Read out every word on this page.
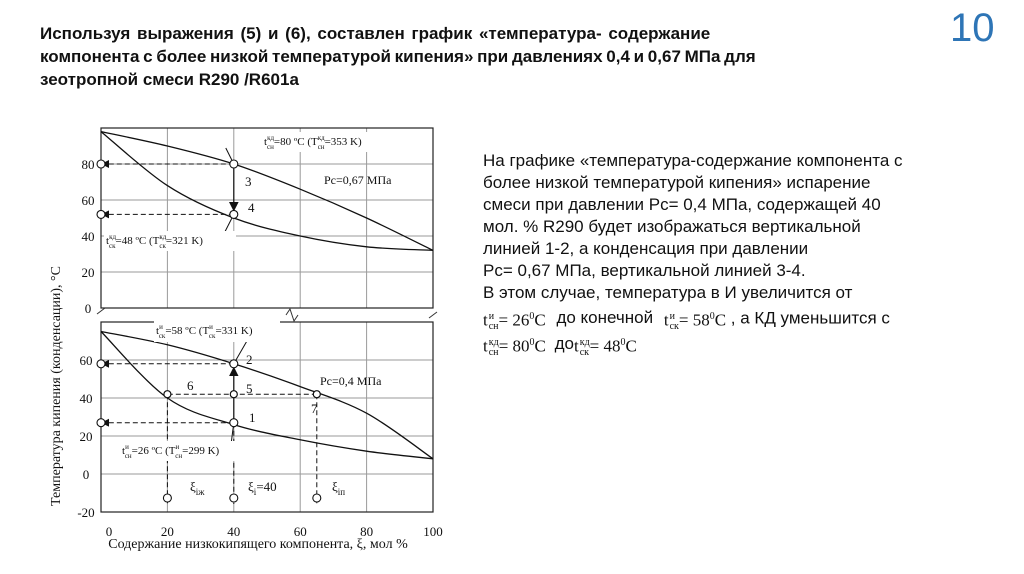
Используя выражения (5) и (6), составлен график «температура- содержание
компонента с более низкой температурой кипения» при давлениях 0,4 и 0,67 МПа для
зеотропной смеси R290 /R601a
10
На графике «температура-содержание компонента с
более низкой температурой кипения» испарение
смеси при давлении Рс= 0,4 МПа, содержащей 40
мол. % R290 будет изображаться вертикальной
линией 1-2, а конденсация при давлении
Рс= 0,67 МПа, вертикальной линией 3-4.
В этом случае, температура в И увеличится от
t и
сн = $26^0C$ до конечной t и
ск = $58^0C$ , а КД уменьшится с
t кд
сн = $80^0C$ доt кд
ск = $48^0C$
0	20	40	60	80	100
80
60
40
20
0
60
40
20
0
-20
Температура кипения (конденсации), °С
Содержание низкокипящего компонента, ξ, мол %
Рс=0,67 МПа
Рс=0,4 МПа
3
4
2
5
6
1
7
$t^{кд}$ сн=80 ºC ($T^{кд}$ сн=353 K)
$t^{кд}$ ск=48 ºC ($T^{кд}$ ск=321 K)
$t^и$ ск=58 ºC ($T^и$ ск=331 K)
$t^и$ сн=26 ºC ($T^и$ сн=299 K)
$\xi_{іж}$	$\xi_і=40$	$\xi_{іп}$
